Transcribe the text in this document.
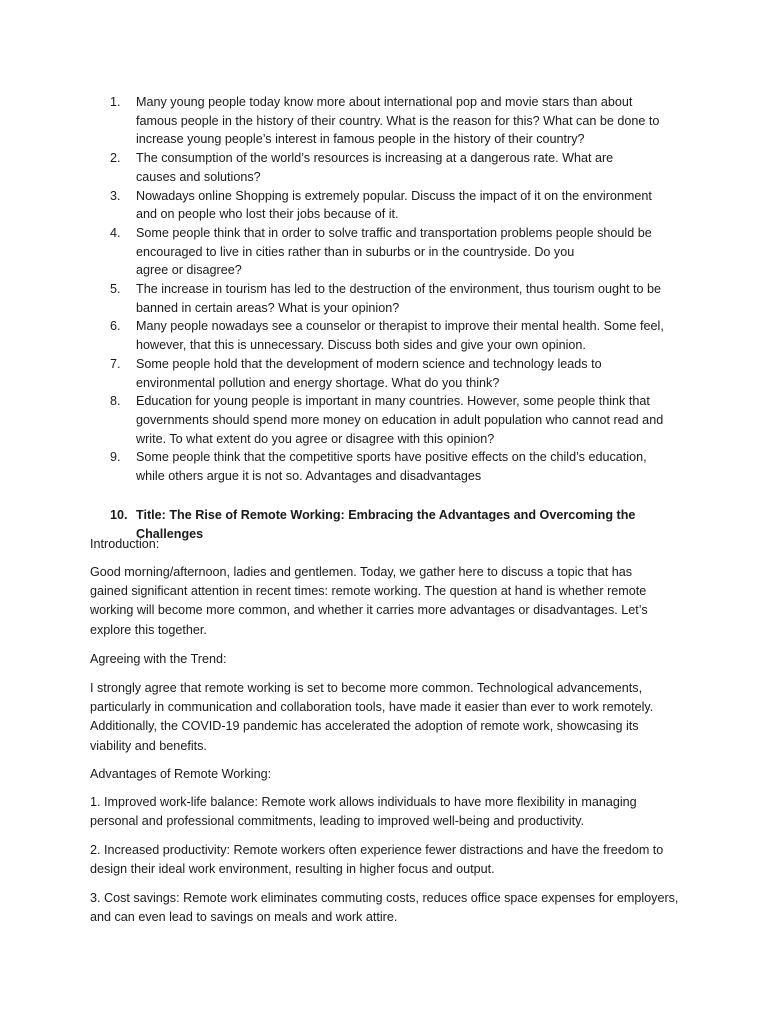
1.	Many young people today know more about international pop and movie stars than about
famous people in the history of their country. What is the reason for this? What can be done to
increase young people’s interest in famous people in the history of their country?
2.	The consumption of the world’s resources is increasing at a dangerous rate. What are
causes and solutions?
3.	Nowadays online Shopping is extremely popular. Discuss the impact of it on the environment
and on people who lost their jobs because of it.
4.	Some people think that in order to solve traffic and transportation problems people should be
encouraged to live in cities rather than in suburbs or in the countryside. Do you
agree or disagree?
5.	The increase in tourism has led to the destruction of the environment, thus tourism ought to be
banned in certain areas? What is your opinion?
6.	Many people nowadays see a counselor or therapist to improve their mental health. Some feel,
however, that this is unnecessary. Discuss both sides and give your own opinion.
7.	Some people hold that the development of modern science and technology leads to
environmental pollution and energy shortage. What do you think?
8.	Education for young people is important in many countries. However, some people think that
governments should spend more money on education in adult population who cannot read and
write. To what extent do you agree or disagree with this opinion?
9.	Some people think that the competitive sports have positive effects on the child’s education,
while others argue it is not so. Advantages and disadvantages
10. Title: The Rise of Remote Working: Embracing the Advantages and Overcoming the Challenges

Introduction:

Good morning/afternoon, ladies and gentlemen. Today, we gather here to discuss a topic that has
gained significant attention in recent times: remote working. The question at hand is whether remote
working will become more common, and whether it carries more advantages or disadvantages. Let’s
explore this together.

Agreeing with the Trend:

I strongly agree that remote working is set to become more common. Technological advancements,
particularly in communication and collaboration tools, have made it easier than ever to work remotely.
Additionally, the COVID-19 pandemic has accelerated the adoption of remote work, showcasing its
viability and benefits.

Advantages of Remote Working:

1. Improved work-life balance: Remote work allows individuals to have more flexibility in managing
personal and professional commitments, leading to improved well-being and productivity.

2. Increased productivity: Remote workers often experience fewer distractions and have the freedom to
design their ideal work environment, resulting in higher focus and output.

3. Cost savings: Remote work eliminates commuting costs, reduces office space expenses for employers,
and can even lead to savings on meals and work attire.
